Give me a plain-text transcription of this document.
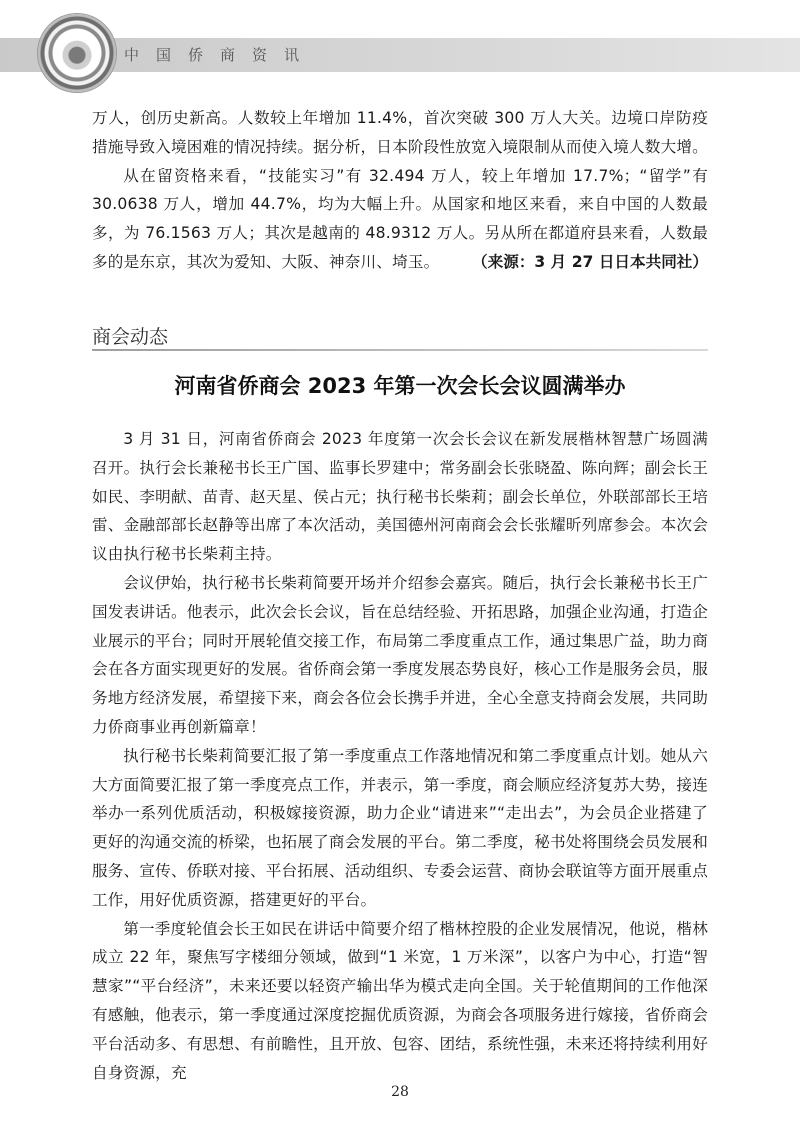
中国侨商资讯

万人，创历史新高。人数较上年增加 11.4%，首次突破 300 万人大关。边境口岸防疫措施导致入境困难的情况持续。据分析，日本阶段性放宽入境限制从而使入境人数大增。

从在留资格来看，“技能实习”有 32.494 万人，较上年增加 17.7%；“留学”有 30.0638 万人，增加 44.7%，均为大幅上升。从国家和地区来看，来自中国的人数最多，为 76.1563 万人；其次是越南的 48.9312 万人。另从所在都道府县来看，人数最多的是东京，其次为爱知、大阪、神奈川、埼玉。	（来源：3 月 27 日日本共同社）
商会动态
河南省侨商会 2023 年第一次会长会议圆满举办

3 月 31 日，河南省侨商会 2023 年度第一次会长会议在新发展楷林智慧广场圆满召开。执行会长兼秘书长王广国、监事长罗建中；常务副会长张晓盈、陈向辉；副会长王如民、李明献、苗青、赵天星、侯占元；执行秘书长柴莉；副会长单位，外联部部长王培雷、金融部部长赵静等出席了本次活动，美国德州河南商会会长张耀昕列席参会。本次会议由执行秘书长柴莉主持。

会议伊始，执行秘书长柴莉简要开场并介绍参会嘉宾。随后，执行会长兼秘书长王广国发表讲话。他表示，此次会长会议，旨在总结经验、开拓思路，加强企业沟通，打造企业展示的平台；同时开展轮值交接工作，布局第二季度重点工作，通过集思广益，助力商会在各方面实现更好的发展。省侨商会第一季度发展态势良好，核心工作是服务会员，服务地方经济发展，希望接下来，商会各位会长携手并进，全心全意支持商会发展，共同助力侨商事业再创新篇章！

执行秘书长柴莉简要汇报了第一季度重点工作落地情况和第二季度重点计划。她从六大方面简要汇报了第一季度亮点工作，并表示，第一季度，商会顺应经济复苏大势，接连举办一系列优质活动，积极嫁接资源，助力企业“请进来”“走出去”，为会员企业搭建了更好的沟通交流的桥梁，也拓展了商会发展的平台。第二季度，秘书处将围绕会员发展和服务、宣传、侨联对接、平台拓展、活动组织、专委会运营、商协会联谊等方面开展重点工作，用好优质资源，搭建更好的平台。

第一季度轮值会长王如民在讲话中简要介绍了楷林控股的企业发展情况，他说，楷林成立 22 年，聚焦写字楼细分领域，做到“1 米宽，1 万米深”，以客户为中心，打造“智慧家”“平台经济”，未来还要以轻资产输出华为模式走向全国。关于轮值期间的工作他深有感触，他表示，第一季度通过深度挖掘优质资源，为商会各项服务进行嫁接，省侨商会平台活动多、有思想、有前瞻性，且开放、包容、团结，系统性强，未来还将持续利用好自身资源，充

28
